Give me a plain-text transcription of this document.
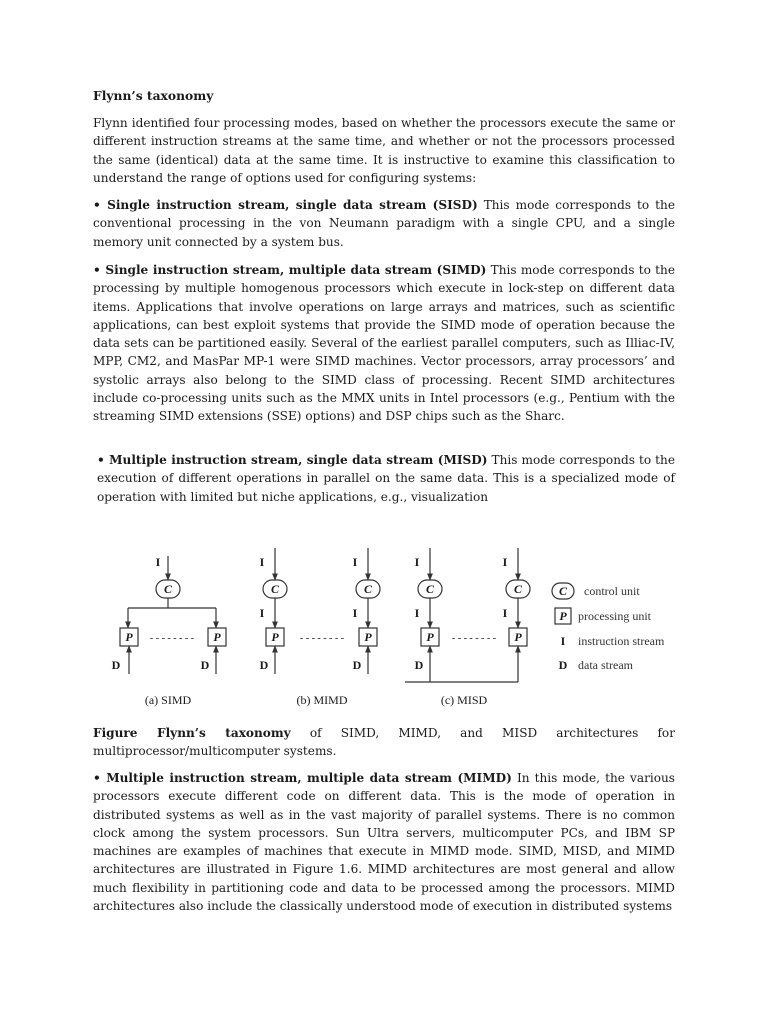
Flynn’s taxonomy

Flynn identified four processing modes, based on whether the processors execute the same or different instruction streams at the same time, and whether or not the processors processed the same (identical) data at the same time. It is instructive to examine this classification to understand the range of options used for configuring systems:

• Single instruction stream, single data stream (SISD) This mode corresponds to the conventional processing in the von Neumann paradigm with a single CPU, and a single memory unit connected by a system bus.

• Single instruction stream, multiple data stream (SIMD) This mode corresponds to the processing by multiple homogenous processors which execute in lock-step on different data items. Applications that involve operations on large arrays and matrices, such as scientific applications, can best exploit systems that provide the SIMD mode of operation because the data sets can be partitioned easily. Several of the earliest parallel computers, such as Illiac-IV, MPP, CM2, and MasPar MP-1 were SIMD machines. Vector processors, array processors’ and systolic arrays also belong to the SIMD class of processing. Recent SIMD architectures include co-processing units such as the MMX units in Intel processors (e.g., Pentium with the streaming SIMD extensions (SSE) options) and DSP chips such as the Sharc.

• Multiple instruction stream, single data stream (MISD) This mode corresponds to the execution of different operations in parallel on the same data. This is a specialized mode of operation with limited but niche applications, e.g., visualization

Figure Flynn’s taxonomy of SIMD, MIMD, and MISD architectures for multiprocessor/multicomputer systems.

• Multiple instruction stream, multiple data stream (MIMD) In this mode, the various processors execute different code on different data. This is the mode of operation in distributed systems as well as in the vast majority of parallel systems. There is no common clock among the system processors. Sun Ultra servers, multicomputer PCs, and IBM SP machines are examples of machines that execute in MIMD mode. SIMD, MISD, and MIMD architectures are illustrated in Figure 1.6. MIMD architectures are most general and allow much flexibility in partitioning code and data to be processed among the processors. MIMD architectures also include the classically understood mode of execution in distributed systems

I
C
P	P
- - - - - - - -
D	D
I
C
I
P
D
- - - - - - - -
I
C
I
P
D
I
C
I
P - - - - - - - -
I
C
I
P
D
(a) SIMD	(b) MIMD	(c) MISD
C
P
I
D
control unit
processing unit
instruction stream
data stream
